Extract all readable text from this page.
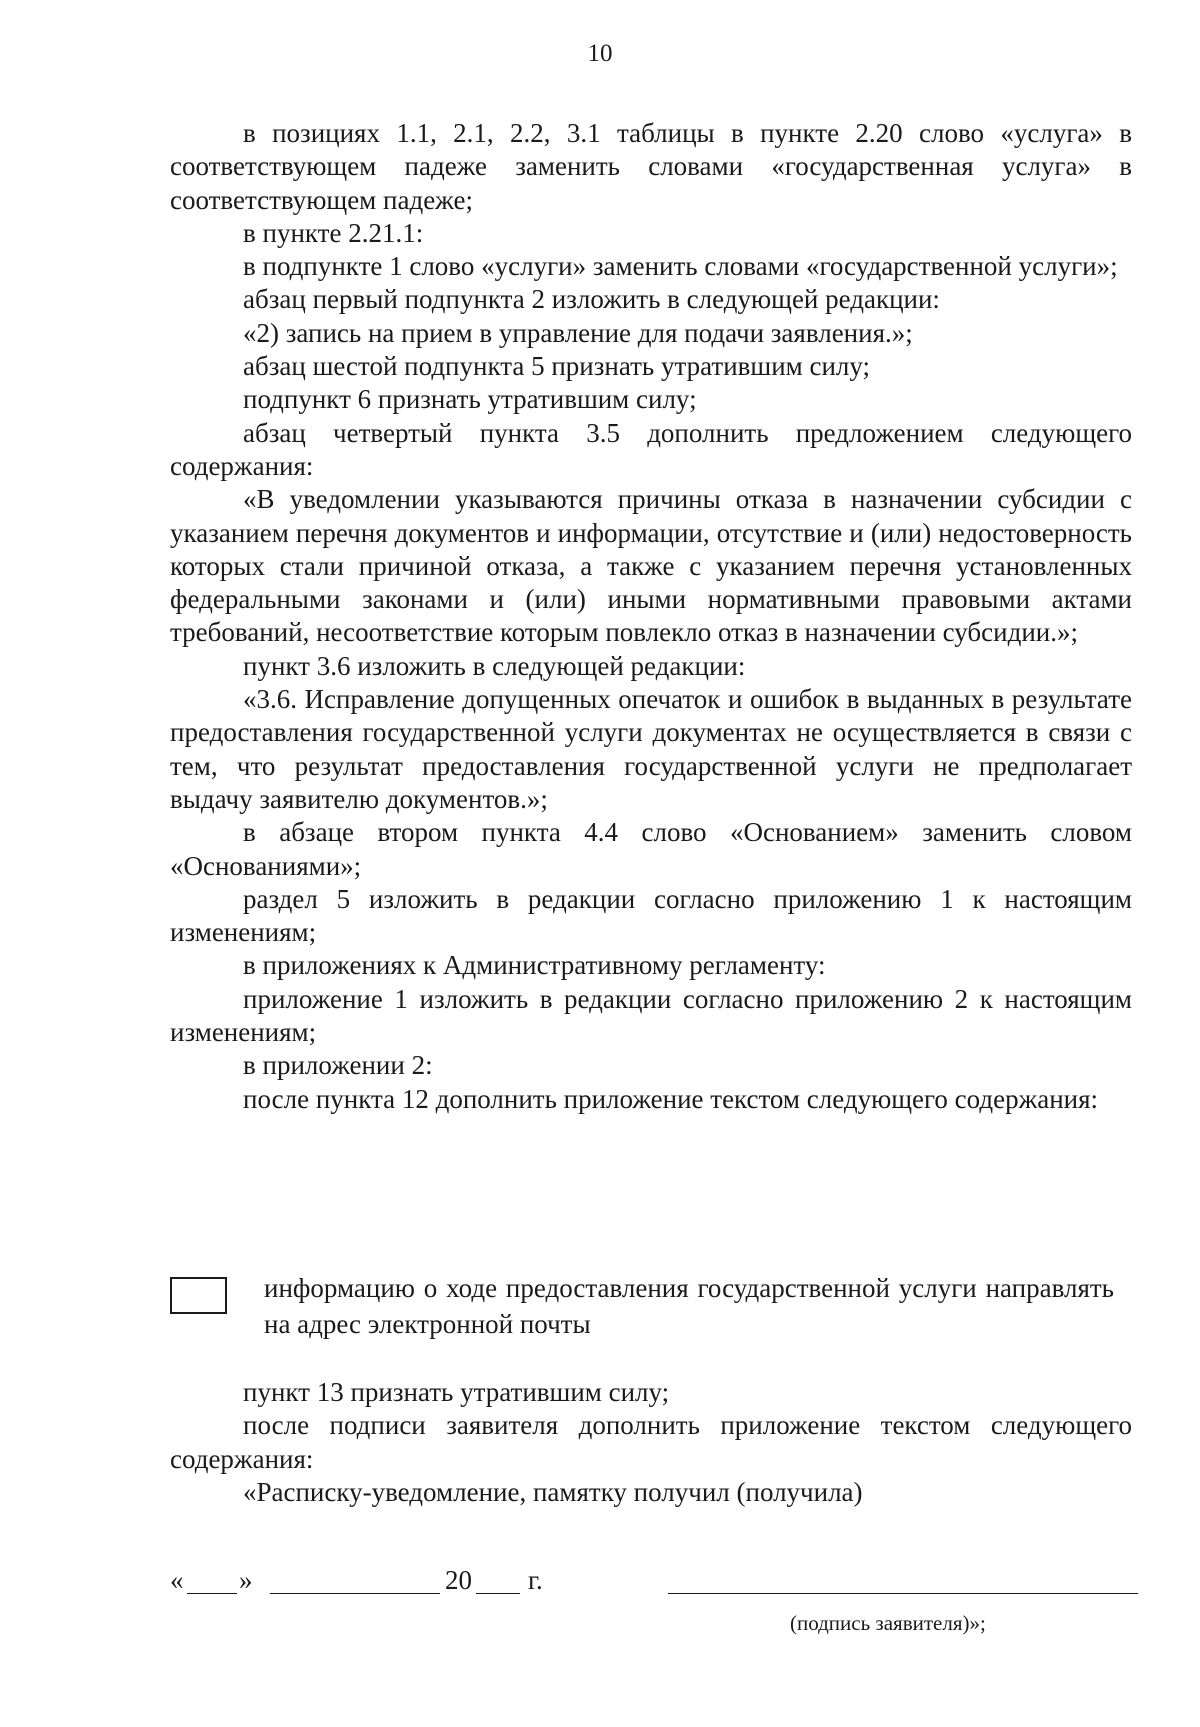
10

в позициях 1.1, 2.1, 2.2, 3.1 таблицы в пункте 2.20 слово «услуга» в соответствующем падеже заменить словами «государственная услуга» в соответствующем падеже;

в пункте 2.21.1:

в подпункте 1 слово «услуги» заменить словами «государственной услуги»;

абзац первый подпункта 2 изложить в следующей редакции:

«2) запись на прием в управление для подачи заявления.»;

абзац шестой подпункта 5 признать утратившим силу;

подпункт 6 признать утратившим силу;

абзац четвертый пункта 3.5 дополнить предложением следующего содержания:

«В уведомлении указываются причины отказа в назначении субсидии с указанием перечня документов и информации, отсутствие и (или) недостоверность которых стали причиной отказа, а также с указанием перечня установленных федеральными законами и (или) иными нормативными правовыми актами требований, несоответствие которым повлекло отказ в назначении субсидии.»;

пункт 3.6 изложить в следующей редакции:

«3.6. Исправление допущенных опечаток и ошибок в выданных в результате предоставления государственной услуги документах не осуществляется в связи с тем, что результат предоставления государственной услуги не предполагает выдачу заявителю документов.»;

в абзаце втором пункта 4.4 слово «Основанием» заменить словом «Основаниями»;

раздел 5 изложить в редакции согласно приложению 1 к настоящим изменениям;

в приложениях к Административному регламенту:

приложение 1 изложить в редакции согласно приложению 2 к настоящим изменениям;

в приложении 2:

после пункта 12 дополнить приложение текстом следующего содержания:

информацию о ходе предоставления государственной услуги направлять на адрес электронной почты

пункт 13 признать утратившим силу;

после подписи заявителя дополнить приложение текстом следующего содержания:

«Расписку-уведомление, памятку получил (получила)

« »	20 г.
(подпись заявителя)»;
